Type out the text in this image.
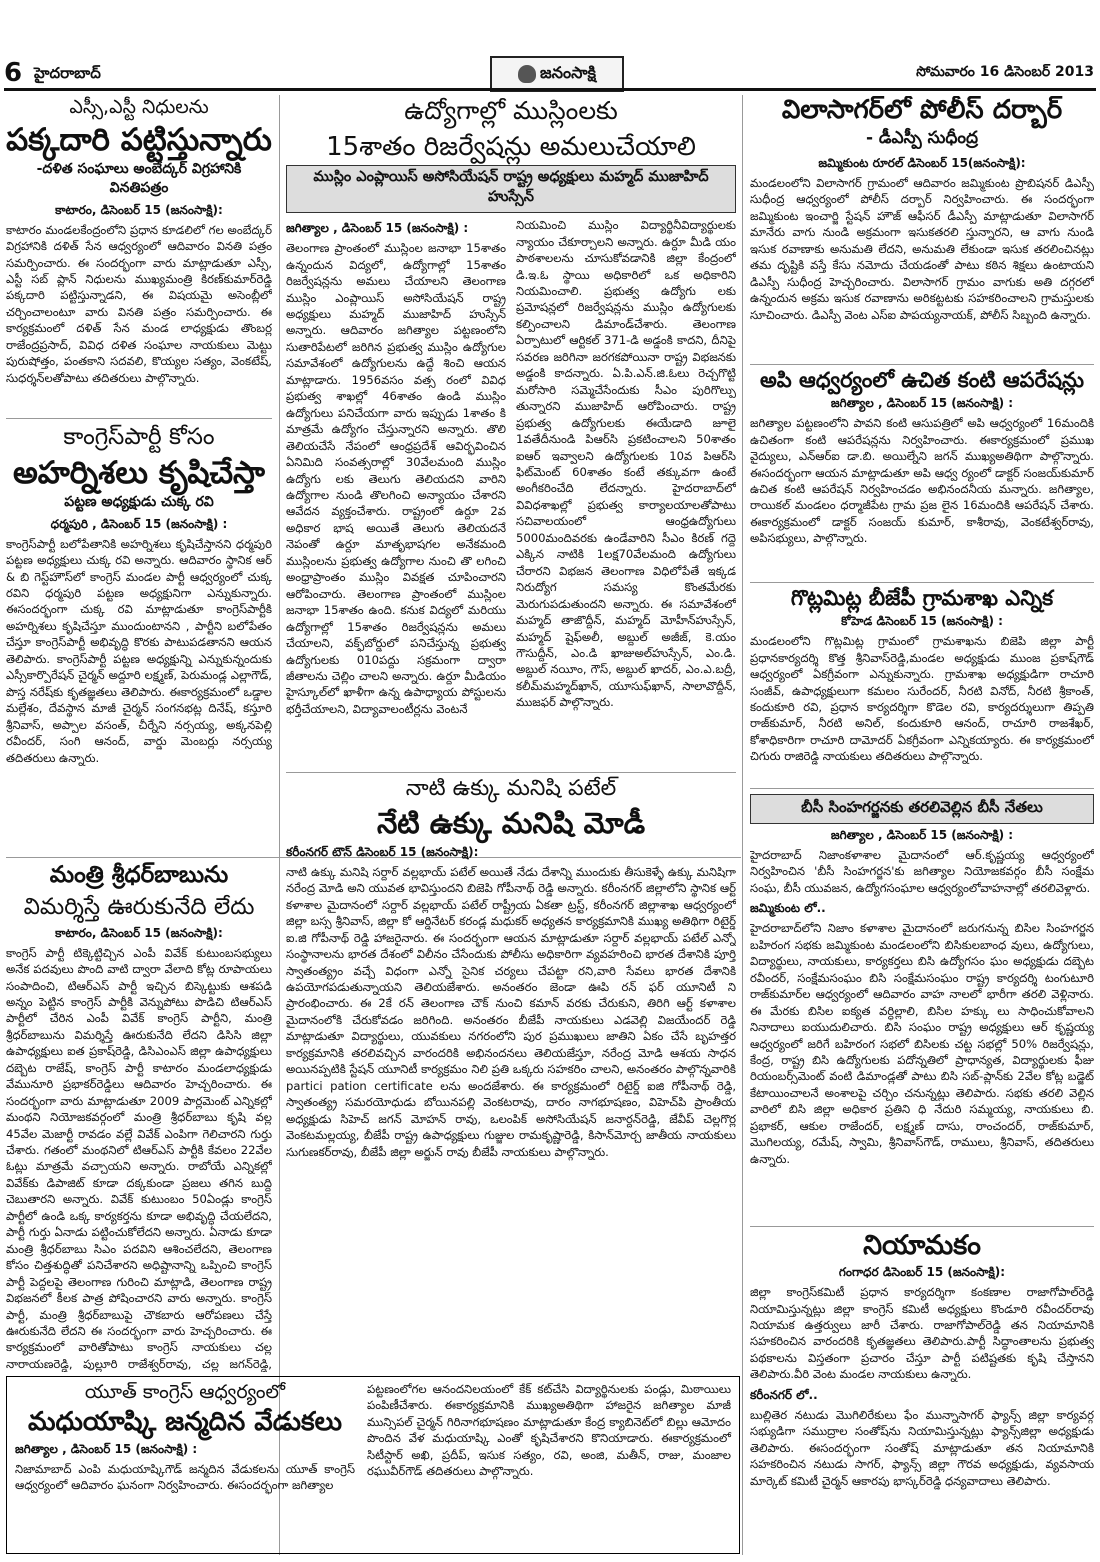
6 హైదరాబాద్	జనంసాక్షి	సోమవారం 16 డిసెంబర్ 2013

ఎస్సీ,ఎస్టీ నిధులను

పక్కదారి పట్టిస్తున్నారు

-దళిత సంఘాలు అంబేద్కర్ విగ్రహానికి వినతిపత్రం

కాటారం, డిసెంబర్ 15 (జనంసాక్షి):

కాటారం మండలకేంద్రంలోని ప్రధాన కూడలిలో గల అంబేద్కర్ విగ్రహానికి దళిత్ సేన ఆధ్వర్యంలో ఆదివారం వినతి పత్రం సమర్పించారు. ఈ సందర్భంగా వారు మాట్లాడుతూ ఎస్సీ, ఎస్టీ సబ్ ప్లాన్ నిధులను ముఖ్యమంత్రి కిరణ్‌కుమార్‌రెడ్డి పక్కదారి పట్టిస్తున్నాడని, ఈ విషయమై అసెంబ్లీలో చర్చించాలంటూ వారు వినతి పత్రం సమర్పించారు. ఈ కార్యక్రమంలో దళిత్ సేన మండ లాధ్యక్షుడు తొంబర్ల రాజేంద్రప్రసాద్, వివిధ దళిత సంఘాల నాయకులు మెట్టు పురుషోత్తం, పంతకాని సదవలి, కొయ్యల సత్యం, వెంకటేష్, సుధర్శన్‌లతోపాటు తదితరులు పాల్గొన్నారు.

కాంగ్రెస్‌పార్టీ కోసం

అహర్నిశలు కృషిచేస్తా

పట్టణ అధ్యక్షుడు చుక్క రవి

ధర్మపురి , డిసెంబర్ 15 (జనంసాక్షి) :

కాంగ్రెస్‌పార్టీ బలోపేతానికి అహర్నిశలు కృషిచేస్తానని ధర్మపురి పట్టణ అధ్యక్షులు చుక్క రవి అన్నారు. ఆదివారం స్థానిక ఆర్ & బి గెస్ట్‌హౌస్‌లో కాంగ్రెస్ మండల పార్టీ ఆధ్వర్యంలో చుక్క రవిని ధర్మపురి పట్టణ అధ్యక్షునిగా ఎన్నుకున్నారు. ఈసందర్భంగా చుక్క రవి మాట్లాడుతూ కాంగ్రెస్‌పార్టీకి అహర్నిశలు కృషిచేస్తూ ముందుంటానని , పార్టీని బలోపేతం చేస్తూ కాంగ్రెస్‌పార్టీ అభివృద్ధి కొరకు పాటుపడతానని ఆయన తెలిపారు. కాంగ్రెస్‌పార్టీ పట్టణ అధ్యక్షున్ని ఎన్నుకున్నందుకు ఎస్సీకార్పొరేషన్ చైర్మన్ అద్దూరి లక్ష్మణ్, పెరుమండ్ల ఎల్లాగౌడ్, పొస్త నరేష్‌కు కృతజ్ఞతలు తెలిపారు. ఈకార్యక్రమంలో ఒడ్డాల మల్లేశం, దేవస్థాన మాజీ చైర్మన్ సంగనభట్ల దినేష్, కస్తూరి శ్రీనివాస్, అప్పాల వసంత్, చీర్నేని నర్సయ్య, అక్కనపెల్లి రవీందర్, సంగి ఆనంద్, వార్డు మెంబర్లు నర్సయ్య తదితరులు ఉన్నారు.

మంత్రి శ్రీధర్‌బాబును

విమర్శిస్తే ఊరుకునేది లేదు

కాటారం, డిసెంబర్ 15 (జనంసాక్షి):

కాంగ్రెస్ పార్టీ టిక్కెట్టిచ్చిన ఎంపీ వివేక్ కుటుంబసభ్యులు అనేక పదవులు పొంది వాటి ద్వారా వేలాది కోట్ల రూపాయలు సంపాదించి, టిఆర్ఎస్ పార్టీ ఇచ్చిన బిస్కెట్టుకు ఆశపడి అన్నం పెట్టిన కాంగ్రెస్ పార్టీకి వెన్నుపోటు పొడిచి టిఆర్ఎస్ పార్టీలో చేరిన ఎంపీ వివేక్ కాంగ్రెస్ పార్టీని, మంత్రి శ్రీధర్‌బాబును విమర్శిస్తే ఊరుకునేది లేదని డిసిసి జిల్లా ఉపాధ్యక్షులు ఐత ప్రకాష్‌రెడ్డి, డిసిఎంఎస్ జిల్లా ఉపాధ్యక్షులు దబ్బెట రాజేష్, కాంగ్రెస్ పార్టీ కాటారం మండలాధ్యక్షుడు వేమునూరి ప్రభాకర్‌రెడ్డిలు ఆదివారం హెచ్చరించారు. ఈ సందర్భంగా వారు మాట్లాడుతూ 2009 పార్లమెంట్ ఎన్నికల్లో మంథని నియోజకవర్గంలో మంత్రి శ్రీధర్‌బాబు కృషి వల్ల 45వేల మెజార్టీ రావడం వల్లే వివేక్ ఎంపిగా గెలిచారని గుర్తు చేశారు. గతంలో మంథనిలో టిఆర్ఎస్ పార్టీకి కేవలం 22వేల ఓట్లు మాత్రమే వచ్చాయని అన్నారు. రాబోయే ఎన్నికల్లో వివేక్‌కు డిపాజిట్ కూడా దక్కకుండా ప్రజలు తగిన బుద్ది చెబుతారని అన్నారు. వివేక్ కుటుంబం 50ఏండ్లు కాంగ్రెస్ పార్టీలో ఉండి ఒక్క కార్యకర్తను కూడా అభివృద్ధి చేయలేదని, పార్టీ గుర్తు ఏనాడు పట్టించుకోలేదని అన్నారు. ఏనాడు కూడా మంత్రి శ్రీధర్‌బాబు సిఎం పదవిని ఆశించలేదని, తెలంగాణ కోసం చిత్తశుద్ధితో పనిచేశారని అధిష్టానాన్ని ఒప్పించి కాంగ్రెస్ పార్టీ పెద్దలపై తెలంగాణ గురించి మాట్లాడి, తెలంగాణ రాష్ట్ర విభజనలో కీలక పాత్ర పోషించారని వారు అన్నారు. కాంగ్రెస్ పార్టీ, మంత్రి శ్రీధర్‌బాబుపై చౌకబారు ఆరోపణలు చేస్తే ఊరుకునేది లేదని ఈ సందర్భంగా వారు హెచ్చరించారు. ఈ కార్యక్రమంలో వారితోపాటు కాంగ్రెస్ నాయకులు చల్ల నారాయణరెడ్డి, పుల్లూరి రాజేశ్వర్‌రావు, చల్ల జగన్‌రెడ్డి,

యూత్ కాంగ్రెస్ ఆధ్వర్యంలో

మధుయాష్కి జన్మదిన వేడుకలు

జగిత్యాల , డిసెంబర్ 15 (జనంసాక్షి) :

నిజామాబాద్ ఎంపి మధుయాష్కిగౌడ్ జన్మదిన వేడుకలను యూత్ కాంగ్రెస్ ఆధ్వర్యంలో ఆదివారం ఘనంగా నిర్వహించారు. ఈసందర్భంగా జగిత్యాల

పట్టణంలోగల ఆనందనిలయంలో కేక్ కట్‌చేసి విద్యార్థినులకు పండ్లు, మిఠాయిలు పంపిణీచేశారు. ఈకార్యక్రమానికి ముఖ్యఅతిథిగా హాజరైన జగిత్యాల మాజీ మున్సిపల్ చైర్మన్ గిరినాగభూషణం మాట్లాడుతూ కేంద్ర క్యాబినెట్‌లో బిల్లు ఆమోదం పొందిన వేళ మధుయాష్కి ఎంతో కృషిచేశారని కొనియాడారు. ఈకార్యక్రమంలో సిటీస్టార్ అఖి, ప్రదీప్, ఇసుక సత్యం, రవి, అంజి, మతీన్, రాజు, మంజాల రఘువీర్‌గౌడ్ తదితరులు పాల్గొన్నారు.

ఉద్యోగాల్లో ముస్లింలకు

15శాతం రిజర్వేషన్లు అమలుచేయాలి

ముస్లిం ఎంప్లాయిస్ అసోసియేషన్ రాష్ట్ర అధ్యక్షులు మహ్మద్ ముజాహిద్ హుస్సేన్

జగిత్యాల , డిసెంబర్ 15 (జనంసాక్షి) :

తెలంగాణ ప్రాంతంలో ముస్లింల జనాభా 15శాతం ఉన్నందున విద్యలో, ఉద్యోగాల్లో 15శాతం రిజర్వేషన్లను అమలు చేయాలని తెలంగాణ ముస్లిం ఎంప్లాయిస్ అసోసియేషన్ రాష్ట్ర అధ్యక్షులు మహ్మద్ ముజాహిద్ హుస్సేన్ అన్నారు. ఆదివారం జగిత్యాల పట్టణంలోని సుతారిపేటలో జరిగిన ప్రభుత్వ ముస్లిం ఉద్యోగుల సమావేశంలో ఉద్యోగులను ఉద్దే శించి ఆయన మాట్లాడారు. 1956వసం వత్స రంలో వివిధ ప్రభుత్వ శాఖల్లో 46శాతం ఉండి ముస్లిం ఉద్యోగులు పనిచేయగా వారు ఇప్పుడు 1శాతం కి మాత్రమే ఉద్యోగం చేస్తున్నారని అన్నారు. తొలి తెలియచేసే నేపంలో ఆంధ్రప్రదేశ్ ఆవిర్భవించిన ఏనిమిది సంవత్సరాల్లో 30వేలమంది ముస్లిం ఉద్యోగు లకు తెలుగు తెలియదని వారిని ఉద్యోగాల నుండి తొలగించి అన్యాయం చేశారని ఆవేదన వ్యక్తంచేశారు. రాష్ట్రంలో ఉర్దూ 2వ అధికార భాష అయితే తెలుగు తెలియదనే నెపంతో ఉర్దూ మాతృభాషగల అనేకమంది ముస్లింలను ప్రభుత్వ ఉద్యోగాల నుంచి తొ లగించి అంధ్రాప్రాంతం ముస్లిం వివక్షత చూపించారని ఆరోపించారు. తెలంగాణ ప్రాంతంలో ముస్లింల జనాభా 15శాతం ఉంది. కనుక విద్యలో మరియు ఉద్యోగాల్లో 15శాతం రిజర్వేషన్లను అమలు చేయాలని, వక్ఫ్‌బోర్డులో పనిచేస్తున్న ప్రభుత్వ ఉద్యోగులకు 010పద్దు సక్రమంగా ద్వారా జీతాలను చెల్లిం చాలని అన్నారు. ఉర్దూ మీడియం హైస్కూల్‌లో ఖాళీగా ఉన్న ఉపాధ్యాయ పోస్టులను భర్తీచేయాలని, విద్యావాలంటీర్లను వెంటనే

నియమించి ముస్లిం విద్యార్థినీవిద్యార్థులకు న్యాయం చేకూర్చాలని అన్నారు. ఉర్దూ మీడి యం పాఠశాలలను చూసుకోవడానికి జిల్లా కేంద్రంలో డి.ఇ.ఓ స్థాయి అధికారిలో ఒక అధికారిని నియమించాలి. ప్రభుత్వ ఉద్యోగు లకు ప్రమోషన్లలో రిజర్వేషన్లను ముస్లిం ఉద్యోగులకు కల్పించాలని డిమాండ్‌చేశారు. తెలంగాణ ఏర్పాటులో ఆర్టికల్ 371-డి అడ్డంకి కాదని, దీనిపై సవరణ జరిగినా జరగకపోయినా రాష్ట్ర విభజనకు అడ్డంకి కాదన్నారు. ఏ.పి.ఎన్.జి.ఓలు రెచ్చగొట్టి మరోసారి సమ్మెచేసేందుకు సీఎం పురిగొల్పు తున్నారని ముజాహిద్ ఆరోపించారు. రాష్ట్ర ప్రభుత్వ ఉద్యోగులకు ఈయేడాది జూలై 1వతేదీనుండి పిఆర్‌సి ప్రకటించాలని 50శాతం ఐఆర్ ఇవ్వాలని ఉద్యోగులకు 10వ పిఆర్‌సి ఫిట్‌మెంట్ 60శాతం కంటే తక్కువగా ఉంటే అంగీకరించేది లేదన్నారు. హైదరాబాద్‌లో వివిధశాఖల్లో ప్రభుత్వ కార్యాలయాలతోపాటు సచివాలయంలో ఆంధ్రఉద్యోగులు 5000మందివరకు ఉండేవారిని సీఎం కిరణ్ గద్దె ఎక్కిన నాటికి 1లక్ష70వేలమంది ఉద్యోగులు చేరారని విభజన తెలంగాణ విధిలోపేతే ఇక్కడ నిరుద్యోగ సమస్య కొంతమేరకు మెరుగుపడుతుందని అన్నారు. ఈ సమావేశంలో మహ్మద్ తాజొద్దీన్, మహ్మద్ మోహీన్‌హుస్సేన్, మహ్మద్ షైఫ్అలీ, అబ్దుల్ అజీజ్, కె.యం గౌసుద్దీన్, ఎం.డి ఖాజుఅల్‌హుస్సేన్, ఎం.డి. అబ్దుల్ నయీం, గౌస్, అబ్దుల్ ఖాదర్, ఎం.ఎ.బద్రీ, కలీమ్‌మహ్మద్‌ఖాన్, యూసుఫ్‌ఖాన్, సాలావొద్దీన్, ముజఫర్ పాల్గొన్నారు.

నాటి ఉక్కు మనిషి పటేల్

నేటి ఉక్కు మనిషి మోడీ

కరీంనగర్ టౌన్ డిసెంబర్ 15 (జనంసాక్షి):

నాటి ఉక్కు మనిషి సర్దార్ వల్లభాయ్ పటేల్ అయితే నేడు దేశాన్ని ముందుకు తీసుకెళ్ళే ఉక్కు మనిషిగా నరేంద్ర మోడి అని యువత భావిస్తుందని బిజెపి గోపీనాథ్ రెడ్డి అన్నారు. కరీంనగర్ జిల్లాలోని స్థానిక ఆర్ట్ కళాశాల మైదానంలో సర్దార్ వల్లభాయ్ పటేల్ రాష్ట్రీయ ఏకతా ట్రస్ట్, కరీంనగర్ జిల్లాశాఖ ఆధ్వర్యంలో జిల్లా బస్స శ్రీనివాస్, జిల్లా కో ఆర్డినేటర్ కరండ్ల మధుకర్ అధ్యతన కార్యక్రమానికి ముఖ్య అతిథిగా రిటైర్డ్ ఐ.జి గోపీనాథ్ రెడ్డి హాజరైనారు. ఈ సందర్భంగా ఆయన మాట్లాడుతూ సర్దార్ వల్లభాయ్ పటేల్ ఎన్నో సంస్థానాలను భారత దేశంలో విలీనం చేసేందుకు పోలీసు అధికారిగా వ్యవహరించి భారత దేశానికి పూర్తి స్వాతంత్య్రం వచ్చే విధంగా ఎన్నో సైనిక చర్యలు చేపట్టా రని,వారి సేవలు భారత దేశానికి ఉపయోగపడుతున్నాయని తెలియజేశారు. అనంతరం జెండా ఊపి రన్ ఫర్ యూనిటీ ని ప్రారంభించారు. ఈ 2కే రన్ తెలంగాణ చౌక్ నుంచి కమాన్ వరకు చేరుకుని, తిరిగి ఆర్ట్ కళాశాల మైదానంలోకి చేరుకోవడం జరిగింది. అనంతరం బీజేపీ నాయకులు ఎడవెల్లి విజయేందర్ రెడ్డి మాట్లాడుతూ విద్యార్థులు, యువకులు నగరంలోని పుర ప్రముఖులు జాతిని ఏకం చేసే బృహత్తర కార్యక్రమానికి తరలివచ్చిన వారందరికి అభినందనలు తెలియజేస్తూ, నరేంద్ర మోడి ఆశయ సాధన అయినప్పటికి స్టేషన్ యూనిటీ కార్యక్రమం నిలి ప్రతి ఒక్కరు సహకరిం చాలని, అనంతరం పాల్గొన్నవారికి partici pation certificate లను అందజేశారు. ఈ కార్యక్రమంలో రిటైర్డ్ ఐజి గోపీనాథ్ రెడ్డి, స్వాతంత్య్ర సమరయోధుడు బోయినపల్లి వెంకటరావు, దారం నాగభూషణం, విహెచ్‌పి ప్రాంతీయ అధ్యక్షుడు సిహెచ్ జగన్ మోహన్ రావు, ఒలంపిక్ అసోసియేషన్ జనార్దన్‌రెడ్డి, జేవీప్ చెల్లగొర్ల వెంకటమల్లయ్య, బీజేపీ రాష్ట్ర ఉపాధ్యక్షులు గుజ్జుల రామకృష్ణారెడ్డి, కిసాన్‌మోర్చ జాతీయ నాయకులు సుగుణకర్‌రావు, బీజేపీ జిల్లా అర్జున్ రావు బీజేపీ నాయకులు పాల్గొన్నారు.

విలాసాగర్‌లో పోలీస్ దర్బార్

- డీఎస్పీ సుధీంద్ర

జమ్మికుంట రూరల్ డిసెంబర్ 15(జనంసాక్షి):

మండలంలోని విలాసాగర్ గ్రామంలో ఆదివారం జమ్మికుంట ప్రొబిషనర్ డిఎస్పీ సుధీంద్ర ఆధ్వర్యంలో పోలీస్ దర్బార్ నిర్వహించారు. ఈ సందర్భంగా జమ్మికుంట ఇంచార్జి స్టేషన్ హౌజ్ ఆఫీసర్ డీఎస్పీ మాట్లాడుతూ విలాసాగర్ మానేరు వాగు నుండి అక్రమంగా ఇసుకతరలి స్తున్నారని, ఆ వాగు నుండి ఇసుక రవాణాకు అనుమతి లేదని, అనుమతి లేకుండా ఇసుక తరలించినట్లు తమ దృష్టికి వస్తే కేసు నమోదు చేయడంతో పాటు కఠిన శిక్షలు ఉంటాయని డిఎస్పీ సుధీంద్ర హెచ్చరించారు. విలాసాగర్ గ్రామం వాగుకు అతి దగ్గరలో ఉన్నందున అక్రమ ఇసుక రవాణాను అరికట్టటకు సహకరించాలని గ్రామస్తులకు సూచించారు. డిఎస్పీ వెంట ఎస్ఐ పాపయ్యనాయక్, పోలీస్ సిబ్బంది ఉన్నారు.

అపి ఆధ్వర్యంలో ఉచిత కంటి ఆపరేషన్లు

జగిత్యాల , డిసెంబర్ 15 (జనంసాక్షి) :

జగిత్యాల పట్టణంలోని పావని కంటి ఆసుపత్రిలో అపి ఆధ్వర్యంలో 16మందికి ఉచితంగా కంటి ఆపరేషన్లను నిర్వహించారు. ఈకార్యక్రమంలో ప్రముఖ వైద్యులు, ఎన్ఆర్ఐ డా.బి. అయిల్నేని జగన్ ముఖ్యఅతిథిగా పాల్గొన్నారు. ఈసందర్భంగా ఆయన మాట్లాడుతూ అపి ఆధ్వ ర్యంలో డాక్టర్ సంజయ్‌కుమార్ ఉచిత కంటి ఆపరేషన్ నిర్వహించడం అభినందనీయ మన్నారు. జగిత్యాల, రాయికల్ మండలం ధర్మాజీపేట గ్రామ ప్రజ లైన 16మందికి ఆపరేషన్ చేశారు. ఈకార్యక్రమంలో డాక్టర్ సంజయ్ కుమార్, కాశీరావు, వెంకటేశ్వర్‌రావు, అపిసభ్యులు, పాల్గొన్నారు.

గొట్లమిట్ల బీజేపీ గ్రామశాఖ ఎన్నిక

కోహెడ డిసెంబర్ 15 (జనంసాక్షి) :

మండలంలోని గొట్లమిట్ల గ్రామంలో గ్రామశాఖను బిజెపి జిల్లా పార్టీ ప్రధానకార్యదర్శి కొత్త శ్రీనివాస్‌రెడ్డి,మండల అధ్యక్షుడు ముంజ ప్రకాష్‌గౌడ్ ఆధ్వర్యంలో ఏకగ్రీవంగా ఎన్నుకున్నారు. గ్రామశాఖ అధ్యక్షుడిగా రాచూరి సంజీవ్, ఉపాధ్యక్షులుగా కమలం సురేందర్, నీరటి వినోద్, నీరటి శ్రీకాంత్, కందుకూరి రవి, ప్రధాన కార్యదర్శిగా కొడెల రవి, కార్యదర్శులుగా తిప్పతి రాజ్‌కుమార్, నీరటి అనిల్, కందుకూరి ఆనంద్, రాచూరి రాజశేఖర్, కోశాధికారిగా రాచూరి దామోదర్ ఏకగ్రీవంగా ఎన్నికయ్యారు. ఈ కార్యక్రమంలో చిగురు రాజిరెడ్డి నాయకులు తదితరులు పాల్గొన్నారు.

బీసీ సింహగర్జనకు తరలివెల్లిన బీసీ నేతలు

జగిత్యాల , డిసెంబర్ 15 (జనంసాక్షి) :

హైదరాబాద్ నిజాంకళాశాల మైదానంలో ఆర్.కృష్ణయ్య ఆధ్వర్యంలో నిర్వహించిన 'బీసీ సింహగర్జన'కు జగిత్యాల నియోజకవర్గం బీసీ సంక్షేమ సంఘ, బీసీ యువజన, ఉద్యోగసంఘాల ఆధ్వర్యంలోవాహనాల్లో తరలివెళ్లారు.

జమ్మికుంట లో..

హైదరాబాద్‌లోని నిజాం కళాశాల మైదానంలో జరుగనున్న బిసిల సింహగర్జన బహిరంగ సభకు జమ్మికుంట మండలంలోని బిసికులబాంధ వులు, ఉద్యోగులు, విద్యార్థులు, నాయకులు, కార్యకర్తలు బిసి ఉద్యోగసం ఘం అధ్యక్షుడు దబ్బెట రవీందర్, సంక్షేమసంఘం బిసి సంక్షేమసంఘం రాష్ట్ర కార్యదర్శి టంగుటూరి రాజ్‌కుమార్‌ల ఆధ్వర్యంలో ఆదివారం వాహ నాలలో భారీగా తరలి వెళ్లినారు. ఈ మేరకు బిసిల ఐక్యత వర్ధిల్లాలి, బిసిల హక్కు లు సాధించుకోవాలని నినాదాలు ఐయుదులిచారు. బిసి సంఘం రాష్ట్ర అధ్యక్షులు ఆర్ కృష్ణయ్య ఆధ్వర్యంలో జరిగే బహిరంగ సభలో బిసిలకు చట్ట సభల్లో 50% రిజర్వేషన్లు, కేంద్ర, రాష్ట్ర బిసి ఉద్యోగులకు పదోన్నతిలో ప్రాధాన్యత, విద్యార్థులకు ఫీజు రియంబర్స్‌మెంట్ వంటి డిమాండ్లతో పాటు బిసి సబ్-ప్లాన్‌కు 2వేల కోట్ల బడ్జెట్ కేటాయించాలనే అంశాలపై చర్చిం చనున్నట్లు తెలిపారు. సభకు తరలి వెల్లిన వారిలో బిసి జిల్లా అధికార ప్రతిని ధి నేదురి సమ్మయ్య, నాయకులు బి. ప్రభాకర్, ఆకుల రాజేందర్, లక్ష్మణ్ దాసు, రాంచందర్, రాజ్‌కుమార్, మొగిలయ్య, రమేష్, స్వామి, శ్రీనివాస్‌గౌడ్, రాములు, శ్రీనివాస్, తదితరులు ఉన్నారు.

నియామకం

గంగాధర డిసెంబర్ 15 (జనంసాక్షి):

జిల్లా కాంగ్రెస్‌కమిటీ ప్రధాన కార్యదర్శిగా కంకణాల రాజాగోపాల్‌రెడ్డి నియామిస్తున్నట్లు జిల్లా కాంగ్రెస్ కమిటీ అధ్యక్షులు కొండూరి రవీందర్‌రావు నియామక ఉత్తర్వులు జారీ చేశారు. రాజాగోపాల్‌రెడ్డి తన నియామానికి సహకరించిన వారందరికి కృతజ్ఞతలు తెలిపారు.పార్టీ సిద్ధాంతాలను ప్రభుత్వ పథకాలను విస్తతంగా ప్రచారం చేస్తూ పార్టీ పటిష్టతకు కృషి చేస్తానని తెలిపారు.వీరి వెంట మండల నాయకులు ఉన్నారు.

కరీంనగర్ లో..

బుల్లితెర నటుడు మొగిలిరేకులు ఫేం మున్నాసాగర్ ఫ్యాన్స్ జిల్లా కార్యవర్గ సభ్యుడిగా సముద్రాల సంతోష్‌ను నియామిస్తున్నట్లు ఫ్యాన్స్‌జిల్లా అధ్యక్షుడు తెలిపారు. ఈసందర్భంగా సంతోష్ మాట్లాడుతూ తన నియామానికి సహకరించిన నటుడు సాగర్, ఫ్యాన్స్ జిల్లా గౌరవ అధ్యక్షుడు, వ్యవసాయ మార్కెట్ కమిటీ చైర్మన్ ఆకారపు భాస్కర్‌రెడ్డి ధన్యవాదాలు తెలిపారు.
